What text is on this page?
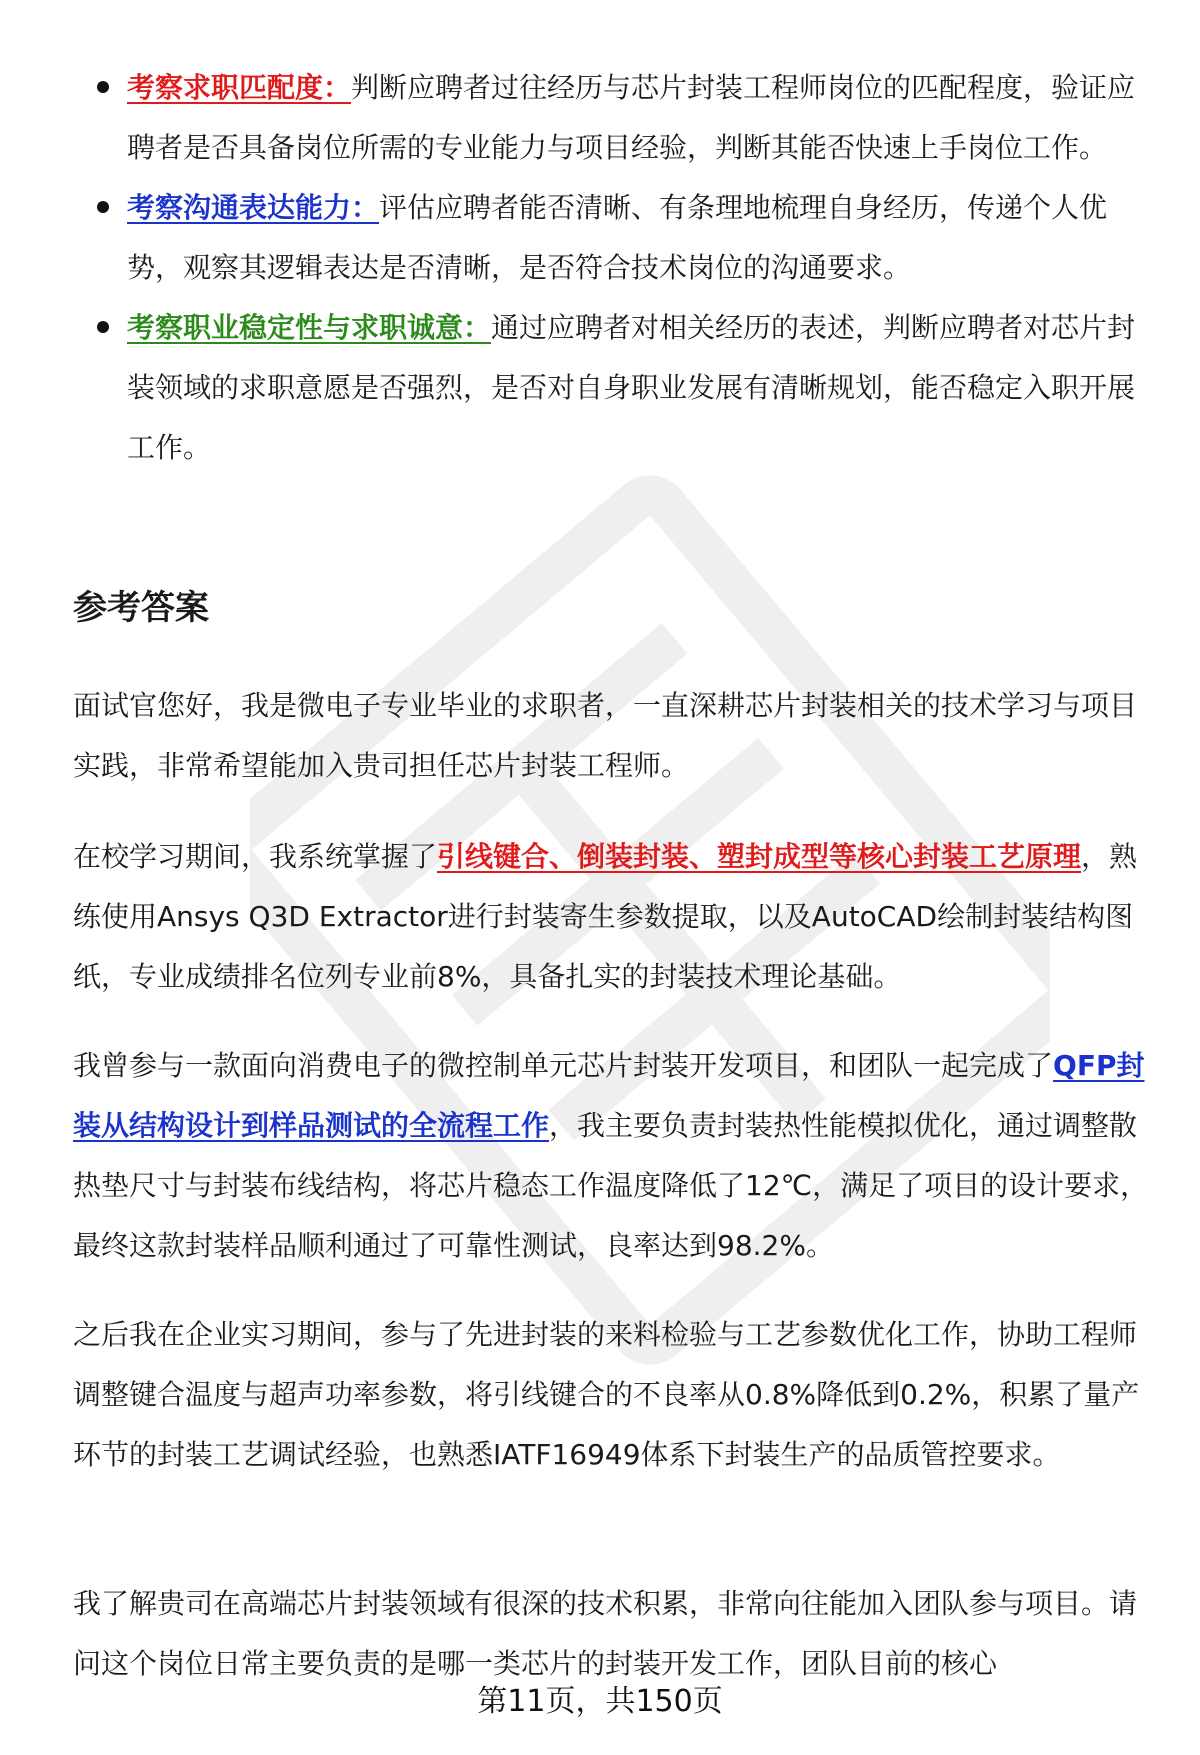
考察求职匹配度：判断应聘者过往经历与芯片封装工程师岗位的匹配程度，验证应聘者是否具备岗位所需的专业能力与项目经验，判断其能否快速上手岗位工作。
考察沟通表达能力：评估应聘者能否清晰、有条理地梳理自身经历，传递个人优势，观察其逻辑表达是否清晰，是否符合技术岗位的沟通要求。
考察职业稳定性与求职诚意：通过应聘者对相关经历的表述，判断应聘者对芯片封装领域的求职意愿是否强烈，是否对自身职业发展有清晰规划，能否稳定入职开展工作。
参考答案

面试官您好，我是微电子专业毕业的求职者，一直深耕芯片封装相关的技术学习与项目实践，非常希望能加入贵司担任芯片封装工程师。

在校学习期间，我系统掌握了引线键合、倒装封装、塑封成型等核心封装工艺原理，熟练使用Ansys Q3D Extractor进行封装寄生参数提取，以及AutoCAD绘制封装结构图纸，专业成绩排名位列专业前8%，具备扎实的封装技术理论基础。

我曾参与一款面向消费电子的微控制单元芯片封装开发项目，和团队一起完成了QFP封装从结构设计到样品测试的全流程工作，我主要负责封装热性能模拟优化，通过调整散热垫尺寸与封装布线结构，将芯片稳态工作温度降低了12℃，满足了项目的设计要求，最终这款封装样品顺利通过了可靠性测试，良率达到98.2%。

之后我在企业实习期间，参与了先进封装的来料检验与工艺参数优化工作，协助工程师调整键合温度与超声功率参数，将引线键合的不良率从0.8%降低到0.2%，积累了量产环节的封装工艺调试经验，也熟悉IATF16949体系下封装生产的品质管控要求。

我了解贵司在高端芯片封装领域有很深的技术积累，非常向往能加入团队参与项目。请问这个岗位日常主要负责的是哪一类芯片的封装开发工作，团队目前的核心

第11页，共150页
